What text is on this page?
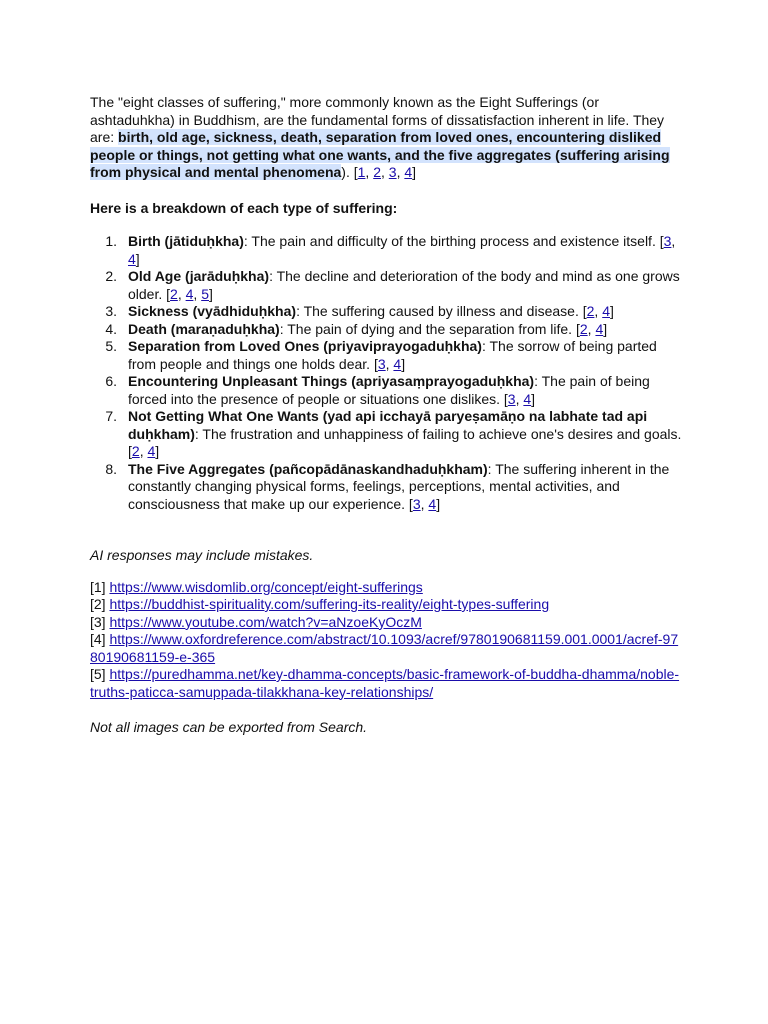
The "eight classes of suffering," more commonly known as the Eight Sufferings (or ashtaduhkha) in Buddhism, are the fundamental forms of dissatisfaction inherent in life. They are: birth, old age, sickness, death, separation from loved ones, encountering disliked people or things, not getting what one wants, and the five aggregates (suffering arising from physical and mental phenomena). [1, 2, 3, 4]

Here is a breakdown of each type of suffering:

1. Birth (jātiduḥkha): The pain and difficulty of the birthing process and existence itself. [3, 4]
2. Old Age (jarāduḥkha): The decline and deterioration of the body and mind as one grows older. [2, 4, 5]
3. Sickness (vyādhiduḥkha): The suffering caused by illness and disease. [2, 4]
4. Death (maraṇaduḥkha): The pain of dying and the separation from life. [2, 4]
5. Separation from Loved Ones (priyaviprayogaduḥkha): The sorrow of being parted from people and things one holds dear. [3, 4]
6. Encountering Unpleasant Things (apriyasaṃprayogaduḥkha): The pain of being forced into the presence of people or situations one dislikes. [3, 4]
7. Not Getting What One Wants (yad api icchayā paryeṣamāṇo na labhate tad api duḥkham): The frustration and unhappiness of failing to achieve one's desires and goals. [2, 4]
8. The Five Aggregates (pañcopādānaskandhaduḥkham): The suffering inherent in the constantly changing physical forms, feelings, perceptions, mental activities, and consciousness that make up our experience. [3, 4]

AI responses may include mistakes.

[1] https://www.wisdomlib.org/concept/eight-sufferings

[2] https://buddhist-spirituality.com/suffering-its-reality/eight-types-suffering

[3] https://www.youtube.com/watch?v=aNzoeKyOczM

[4] https://www.oxfordreference.com/abstract/10.1093/acref/9780190681159.001.0001/acref-9780190681159-e-365

[5] https://puredhamma.net/key-dhamma-concepts/basic-framework-of-buddha-dhamma/noble-truths-paticca-samuppada-tilakkhana-key-relationships/

Not all images can be exported from Search.
